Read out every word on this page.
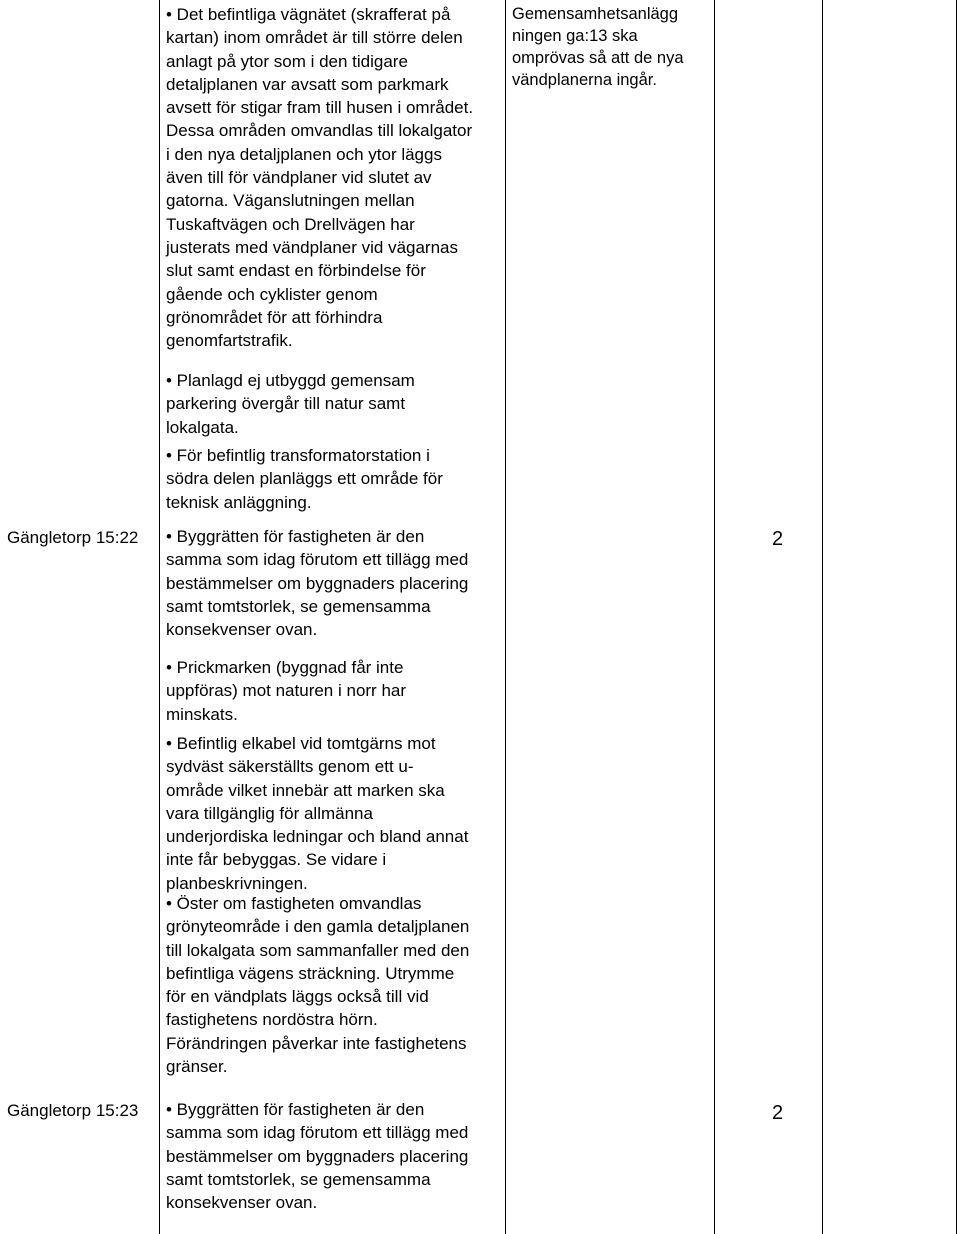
• Det befintliga vägnätet (skrafferat på
kartan) inom området är till större delen
anlagt på ytor som i den tidigare
detaljplanen var avsatt som parkmark
avsett för stigar fram till husen i området.
Dessa områden omvandlas till lokalgator
i den nya detaljplanen och ytor läggs
även till för vändplaner vid slutet av
gatorna. Väganslutningen mellan
Tuskaftvägen och Drellvägen har
justerats med vändplaner vid vägarnas
slut samt endast en förbindelse för
gående och cyklister genom
grönområdet för att förhindra
genomfartstrafik.
• Planlagd ej utbyggd gemensam
parkering övergår till natur samt
lokalgata.
• För befintlig transformatorstation i
södra delen planläggs ett område för
teknisk anläggning.
Gemensamhetsanlägg
ningen ga:13 ska
omprövas så att de nya
vändplanerna ingår.
Gängletorp 15:22 • Byggrätten för fastigheten är den
samma som idag förutom ett tillägg med
bestämmelser om byggnaders placering
samt tomtstorlek, se gemensamma
konsekvenser ovan.
• Prickmarken (byggnad får inte
uppföras) mot naturen i norr har
minskats.
• Befintlig elkabel vid tomtgärns mot
sydväst säkerställts genom ett u-
område vilket innebär att marken ska
vara tillgänglig för allmänna
underjordiska ledningar och bland annat
inte får bebyggas. Se vidare i
planbeskrivningen.
• Öster om fastigheten omvandlas
grönyteområde i den gamla detaljplanen
till lokalgata som sammanfaller med den
befintliga vägens sträckning. Utrymme
för en vändplats läggs också till vid
fastighetens nordöstra hörn.
Förändringen påverkar inte fastighetens
gränser.
2
Gängletorp 15:23 • Byggrätten för fastigheten är den
samma som idag förutom ett tillägg med
bestämmelser om byggnaders placering
samt tomtstorlek, se gemensamma
konsekvenser ovan.
2
